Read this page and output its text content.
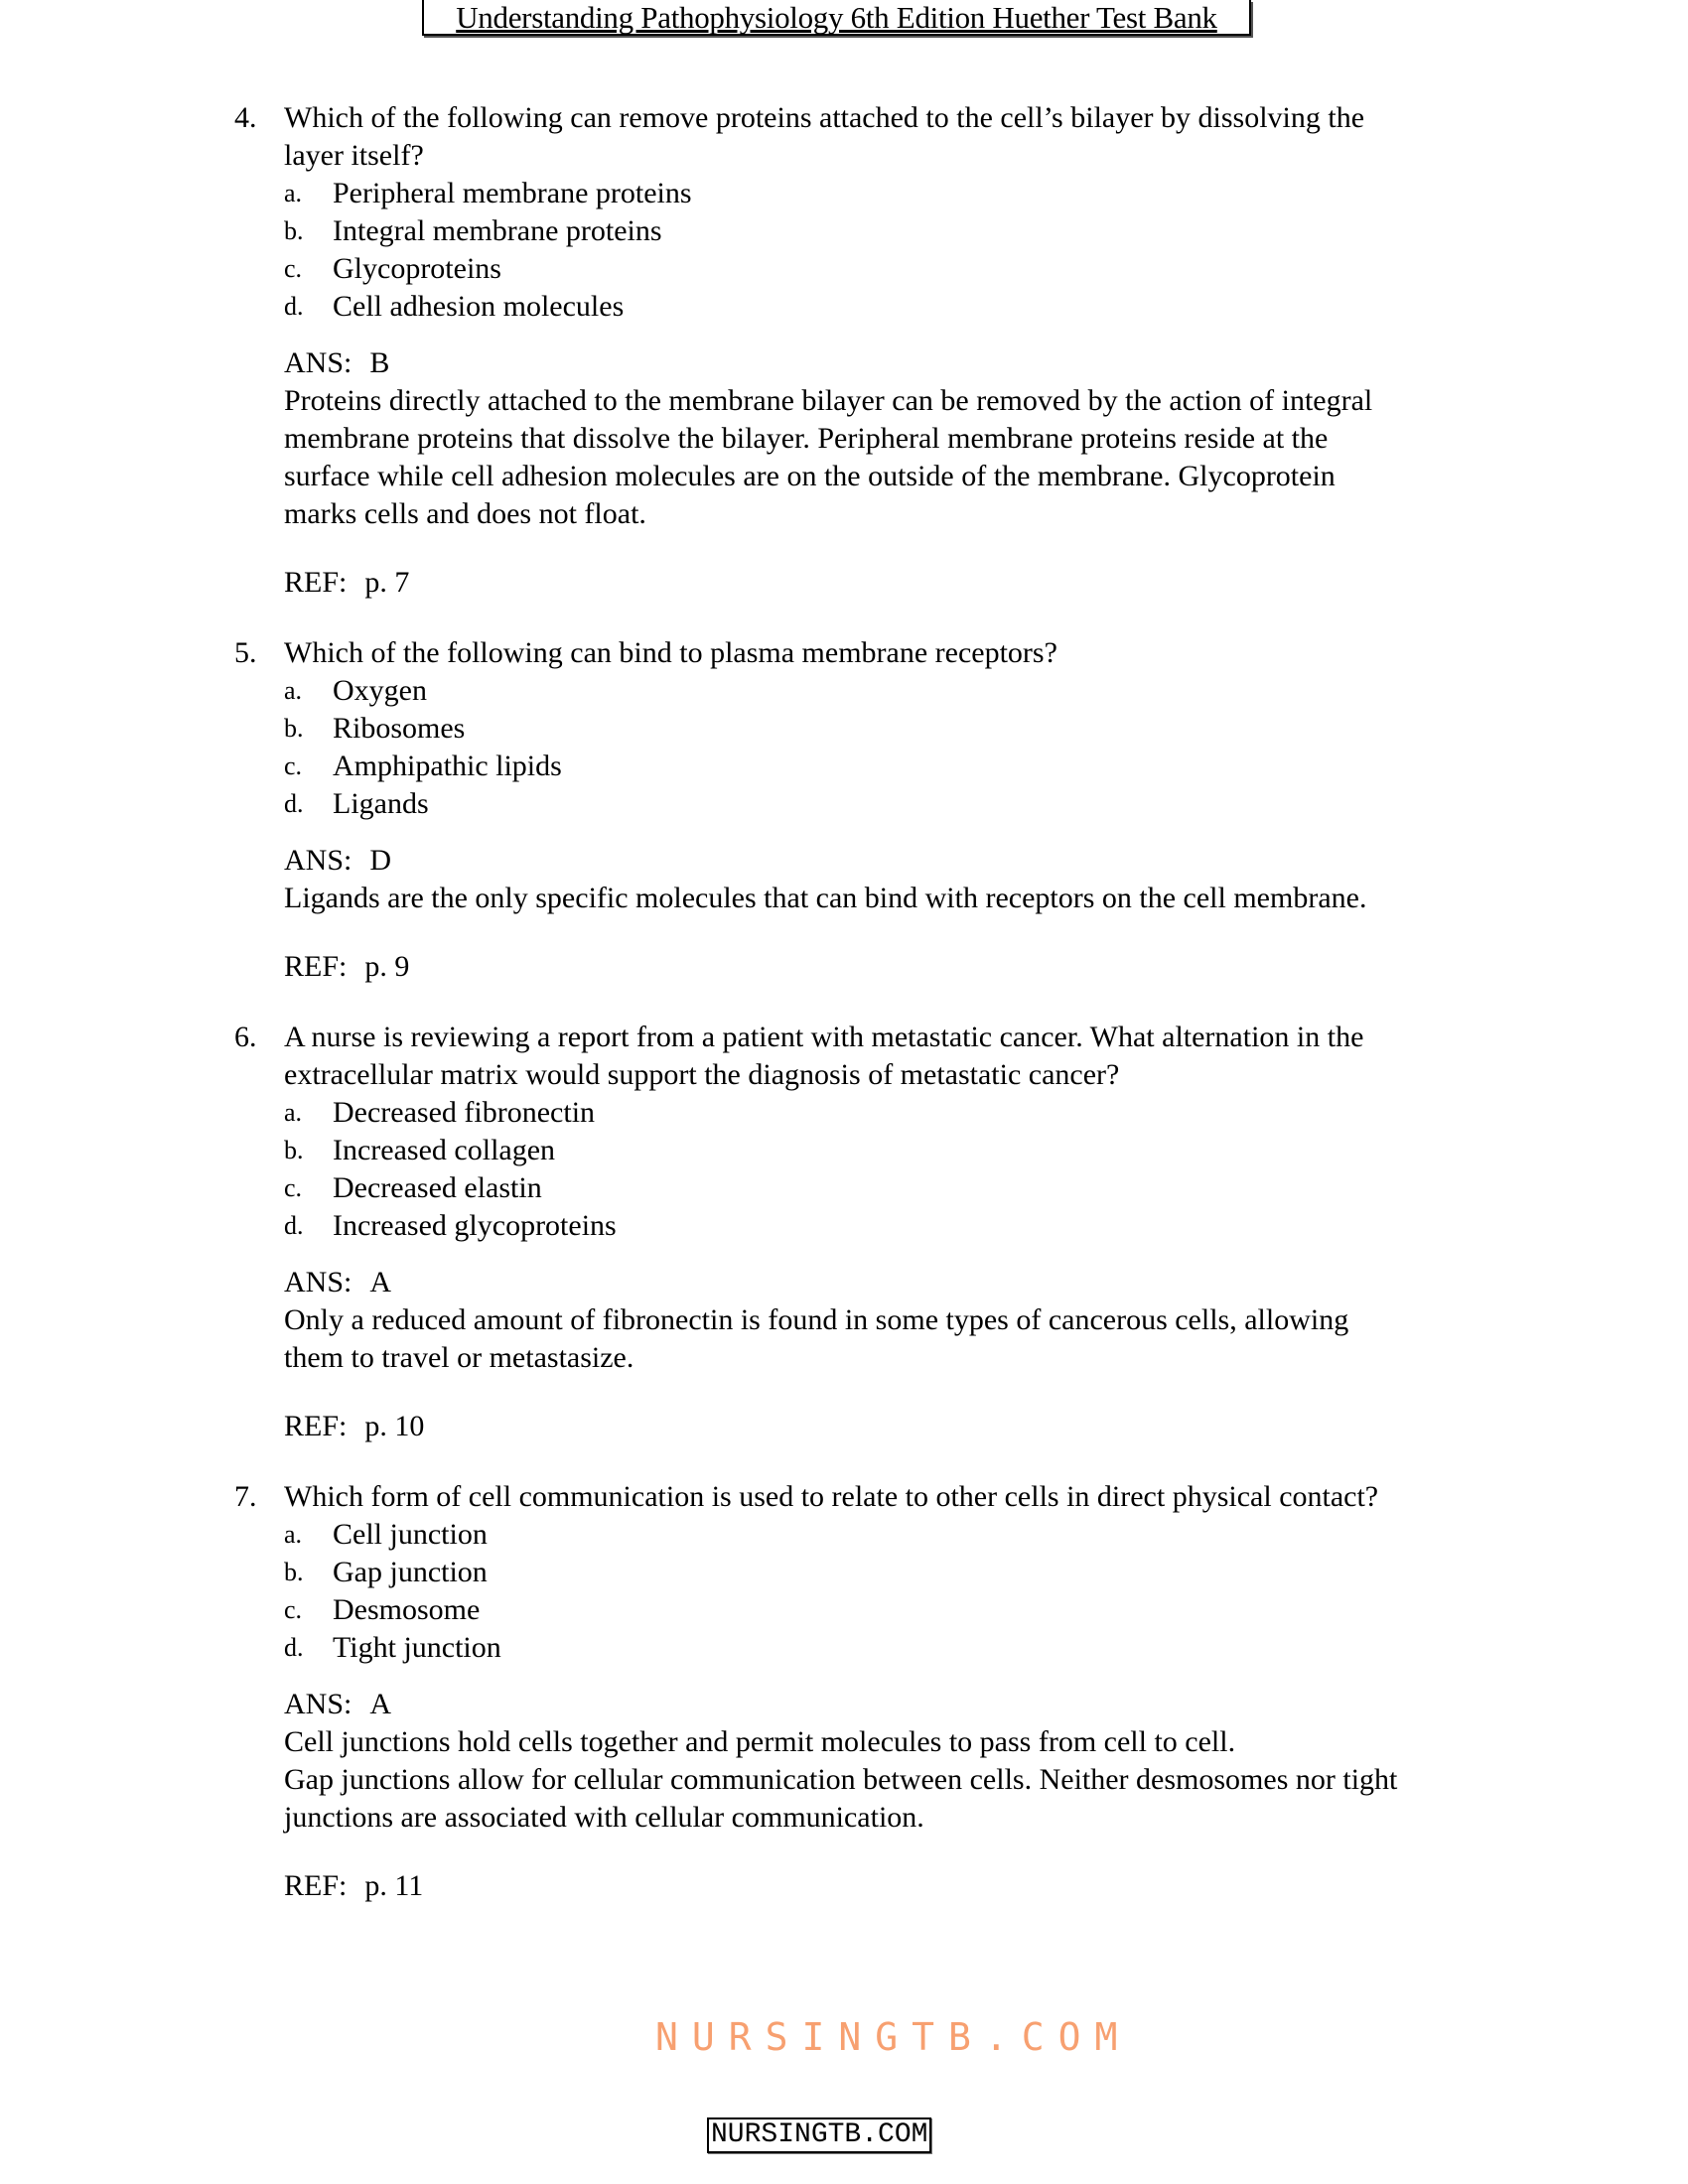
Understanding Pathophysiology 6th Edition Huether Test Bank
4. Which of the following can remove proteins attached to the cell’s bilayer by dissolving the
layer itself?
a.	Peripheral membrane proteins
b. Integral membrane proteins
c.	Glycoproteins
d. Cell adhesion molecules
ANS: B
Proteins directly attached to the membrane bilayer can be removed by the action of integral
membrane proteins that dissolve the bilayer. Peripheral membrane proteins reside at the
surface while cell adhesion molecules are on the outside of the membrane. Glycoprotein
marks cells and does not float.
REF: p. 7
5. Which of the following can bind to plasma membrane receptors?
a.	Oxygen
b. Ribosomes
c.	Amphipathic lipids
d. Ligands
ANS: D
Ligands are the only specific molecules that can bind with receptors on the cell membrane.
REF: p. 9
6. A nurse is reviewing a report from a patient with metastatic cancer. What alternation in the
extracellular matrix would support the diagnosis of metastatic cancer?
a.	Decreased fibronectin
b. Increased collagen
c.	Decreased elastin
d. Increased glycoproteins
ANS: A
Only a reduced amount of fibronectin is found in some types of cancerous cells, allowing
them to travel or metastasize.
REF: p. 10
7. Which form of cell communication is used to relate to other cells in direct physical contact?
a.	Cell junction
b. Gap junction
c.	Desmosome
d. Tight junction
ANS: A
Cell junctions hold cells together and permit molecules to pass from cell to cell.
Gap junctions allow for cellular communication between cells. Neither desmosomes nor tight
junctions are associated with cellular communication.
REF: p. 11
NURSINGTB.COM
NURSINGTB.COM
